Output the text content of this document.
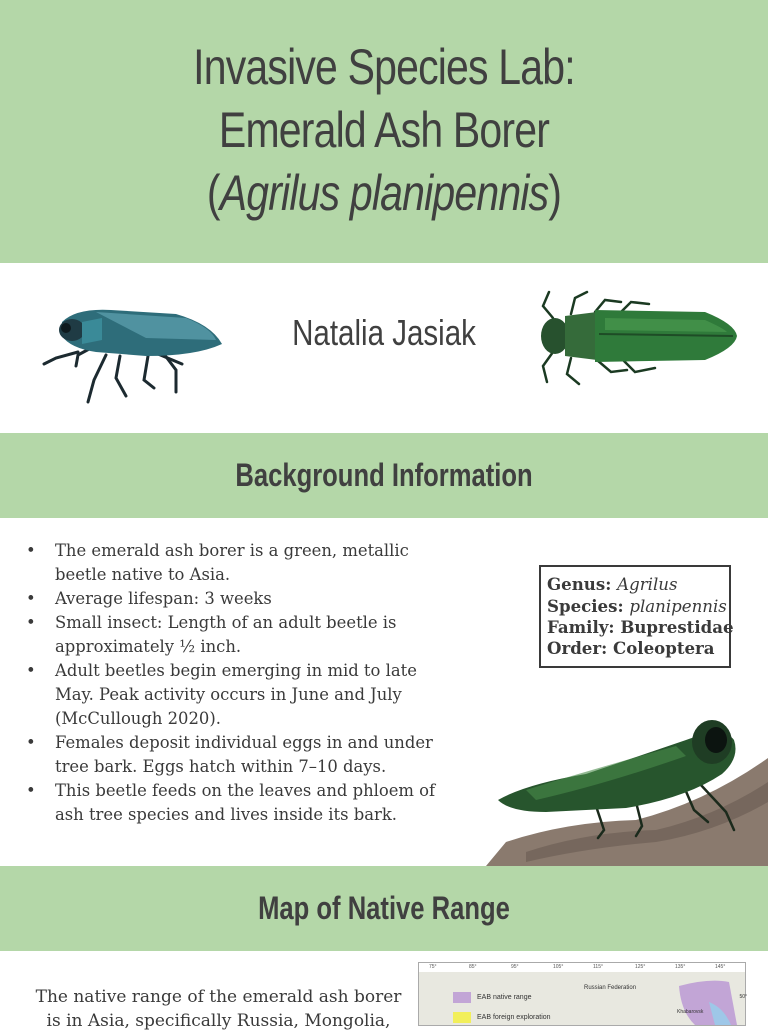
Invasive Species Lab:
Emerald Ash Borer
(Agrilus planipennis)
Natalia Jasiak
Background Information
• The emerald ash borer is a green, metallic beetle native to Asia.
• Average lifespan: 3 weeks
• Small insect: Length of an adult beetle is approximately ½ inch.
• Adult beetles begin emerging in mid to late May. Peak activity occurs in June and July (McCullough 2020).
• Females deposit individual eggs in and under tree bark. Eggs hatch within 7–10 days.
• This beetle feeds on the leaves and phloem of ash tree species and lives inside its bark.
Genus: Agrilus
Species: planipennis
Family: Buprestidae
Order: Coleoptera
Map of Native Range

The native range of the emerald ash borer is in Asia, specifically Russia, Mongolia,

75°	85°	95°	105°	115°	125°	135°	145°
Russian Federation
Khabarovsk
50°
EAB native range
EAB foreign exploration
